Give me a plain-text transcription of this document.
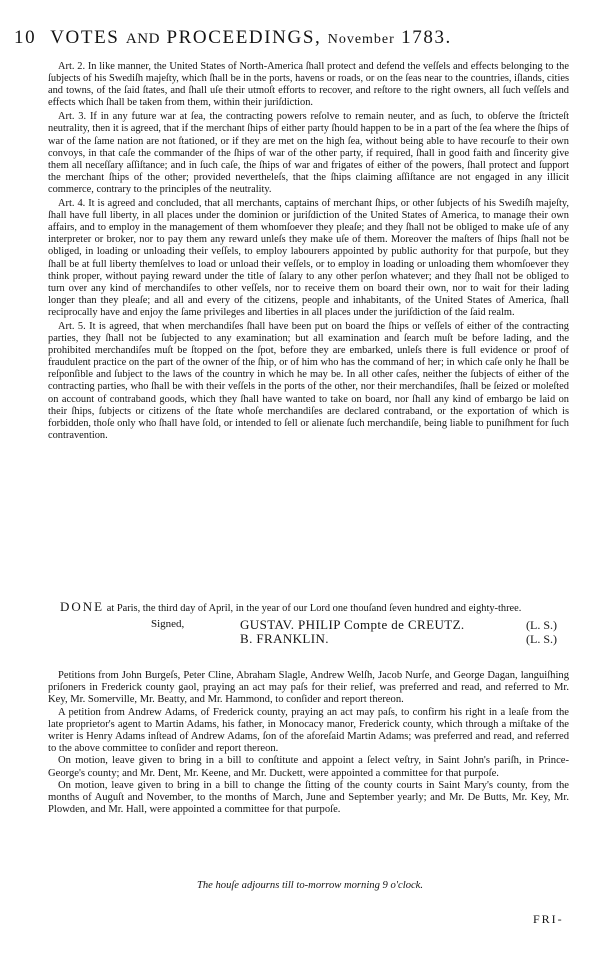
10 VOTES AND PROCEEDINGS, November 1783.

Art. 2. In like manner, the United States of North-America ſhall protect and defend the veſſels and effects belonging to the ſubjects of his Swediſh majeſty, which ſhall be in the ports, havens or roads, or on the ſeas near to the countries, iſlands, cities and towns, of the ſaid ſtates, and ſhall uſe their utmoſt efforts to recover, and reſtore to the right owners, all ſuch veſſels and effects which ſhall be taken from them, within their juriſdiction.

Art. 3. If in any future war at ſea, the contracting powers reſolve to remain neuter, and as ſuch, to obſerve the ſtricteſt neutrality, then it is agreed, that if the merchant ſhips of either party ſhould happen to be in a part of the ſea where the ſhips of war of the ſame nation are not ſtationed, or if they are met on the high ſea, without being able to have recourſe to their own convoys, in that caſe the commander of the ſhips of war of the other party, if required, ſhall in good faith and ſincerity give them all neceſſary aſſiſtance; and in ſuch caſe, the ſhips of war and frigates of either of the powers, ſhall protect and ſupport the merchant ſhips of the other; provided nevertheleſs, that the ſhips claiming aſſiſtance are not engaged in any illicit commerce, contrary to the principles of the neutrality.

Art. 4. It is agreed and concluded, that all merchants, captains of merchant ſhips, or other ſubjects of his Swediſh majeſty, ſhall have full liberty, in all places under the dominion or juriſdiction of the United States of America, to manage their own affairs, and to employ in the management of them whomſoever they pleaſe; and they ſhall not be obliged to make uſe of any interpreter or broker, nor to pay them any reward unleſs they make uſe of them. Moreover the maſters of ſhips ſhall not be obliged, in loading or unloading their veſſels, to employ labourers appointed by public authority for that purpoſe, but they ſhall be at full liberty themſelves to load or unload their veſſels, or to employ in loading or unloading them whomſoever they think proper, without paying reward under the title of ſalary to any other perſon whatever; and they ſhall not be obliged to turn over any kind of merchandiſes to other veſſels, nor to receive them on board their own, nor to wait for their lading longer than they pleaſe; and all and every of the citizens, people and inhabitants, of the United States of America, ſhall reciprocally have and enjoy the ſame privileges and liberties in all places under the juriſdiction of the ſaid realm.

Art. 5. It is agreed, that when merchandiſes ſhall have been put on board the ſhips or veſſels of either of the contracting parties, they ſhall not be ſubjected to any examination; but all examination and ſearch muſt be before lading, and the prohibited merchandiſes muſt be ſtopped on the ſpot, before they are embarked, unleſs there is full evidence or proof of fraudulent practice on the part of the owner of the ſhip, or of him who has the command of her; in which caſe only he ſhall be reſponſible and ſubject to the laws of the country in which he may be. In all other caſes, neither the ſubjects of either of the contracting parties, who ſhall be with their veſſels in the ports of the other, nor their merchandiſes, ſhall be ſeized or moleſted on account of contraband goods, which they ſhall have wanted to take on board, nor ſhall any kind of embargo be laid on their ſhips, ſubjects or citizens of the ſtate whoſe merchandiſes are declared contraband, or the exportation of which is forbidden, thoſe only who ſhall have ſold, or intended to ſell or alienate ſuch merchandiſe, being liable to puniſhment for ſuch contravention.

DONE at Paris, the third day of April, in the year of our Lord one thouſand ſeven hundred and eighty-three.

Signed,	GUSTAV. PHILIP Compte de CREUTZ.	(L. S.)
B. FRANKLIN.	(L. S.)

Petitions from John Burgeſs, Peter Cline, Abraham Slagle, Andrew Welſh, Jacob Nurſe, and George Dagan, languiſhing priſoners in Frederick county gaol, praying an act may paſs for their relief, was preferred and read, and referred to Mr. Key, Mr. Somerville, Mr. Beatty, and Mr. Hammond, to conſider and report thereon.

A petition from Andrew Adams, of Frederick county, praying an act may paſs, to confirm his right in a leaſe from the late proprietor's agent to Martin Adams, his father, in Monocacy manor, Frederick county, which through a miſtake of the writer is Henry Adams inſtead of Andrew Adams, ſon of the aforeſaid Martin Adams; was preferred and read, and referred to the above committee to conſider and report thereon.

On motion, leave given to bring in a bill to conſtitute and appoint a ſelect veſtry, in Saint John's pariſh, in Prince-George's county; and Mr. Dent, Mr. Keene, and Mr. Duckett, were appointed a committee for that purpoſe.

On motion, leave given to bring in a bill to change the ſitting of the county courts in Saint Mary's county, from the months of Auguſt and November, to the months of March, June and September yearly; and Mr. De Butts, Mr. Key, Mr. Plowden, and Mr. Hall, were appointed a committee for that purpoſe.

The houſe adjourns till to-morrow morning 9 o'clock.
FRI-
